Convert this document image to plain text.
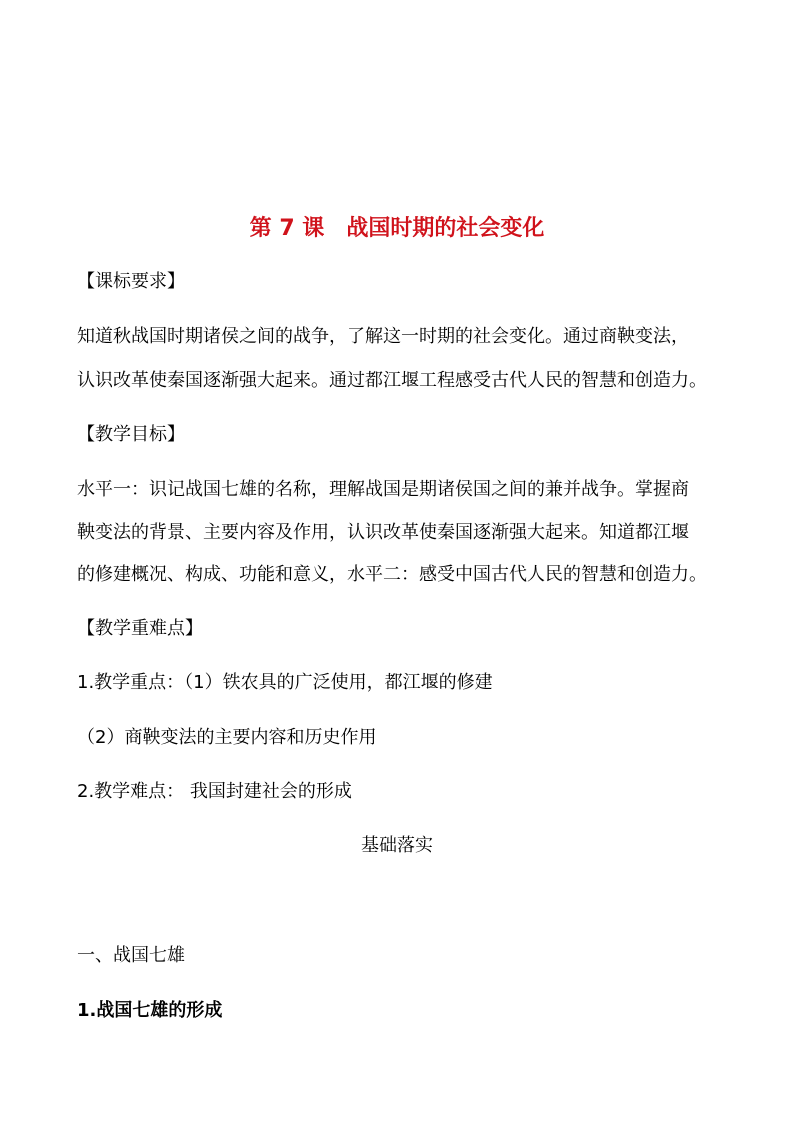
第 7 课 战国时期的社会变化
【课标要求】
知道秋战国时期诸侯之间的战争，了解这一时期的社会变化。通过商鞅变法，
认识改革使秦国逐渐强大起来。通过都江堰工程感受古代人民的智慧和创造力。
【教学目标】
水平一：识记战国七雄的名称，理解战国是期诸侯国之间的兼并战争。掌握商
鞅变法的背景、主要内容及作用，认识改革使秦国逐渐强大起来。知道都江堰
的修建概况、构成、功能和意义，水平二：感受中国古代人民的智慧和创造力。
【教学重难点】
1.教学重点：（1）铁农具的广泛使用，都江堰的修建
（2）商鞅变法的主要内容和历史作用
2.教学难点： 我国封建社会的形成
基础落实
一、战国七雄
1.战国七雄的形成
